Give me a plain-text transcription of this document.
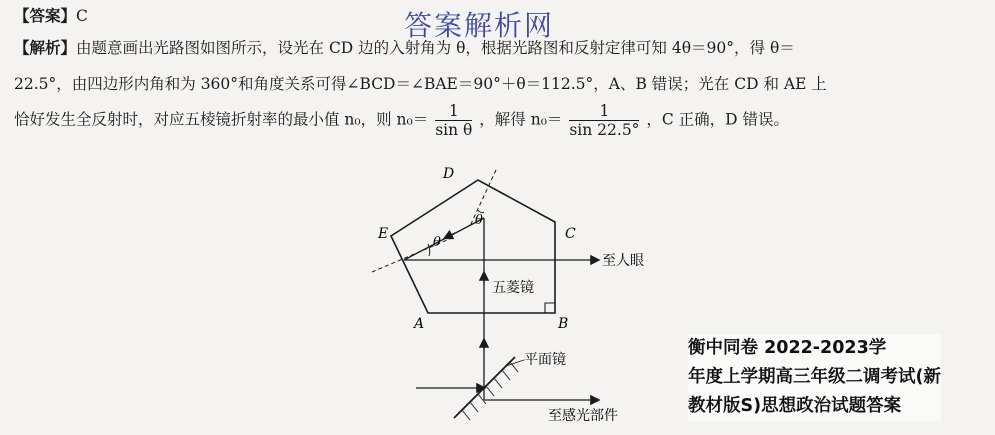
【答案】C	答案解析网
【解析】由题意画出光路图如图所示，设光在 CD 边的入射角为 θ，根据光路图和反射定律可知 4θ＝90°，得 θ＝
22.5°，由四边形内角和为 360°和角度关系可得∠BCD＝∠BAE＝90°＋θ＝112.5°，A、B 错误；光在 CD 和 AE 上
恰好发生全反射时，对应五棱镜折射率的最小值 n₀，则 $n_0= \frac{1}{\text{sin θ}}$ ，解得 $n_0= \frac{1}{\sin 22.5^\circ}$ ，C 正确，D 错误。
A	B
C
D
E
θ
θ
五菱镜
至人眼
平面镜
至感光部件
衡中同卷 2022-2023学
年度上学期高三年级二调考试(新
教材版S)思想政治试题答案
